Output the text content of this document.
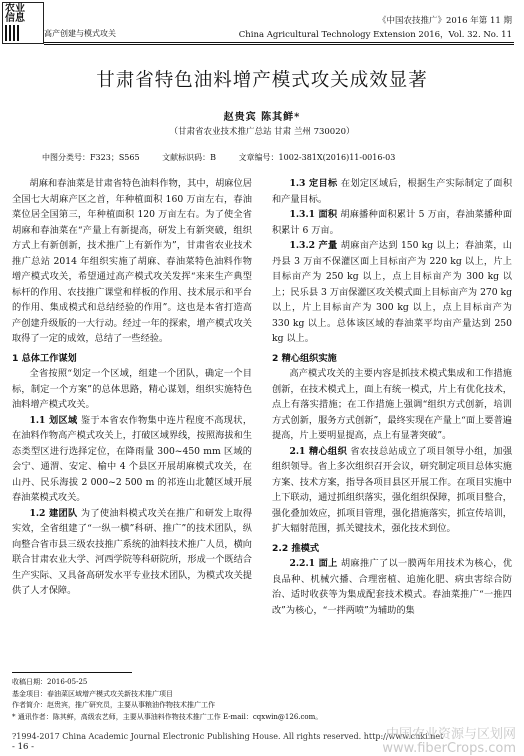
农业
信息
高产创建与模式攻关
《中国农技推广》2016 年第 11 期
China Agricultural Technology Extension 2016，Vol. 32. No. 11
甘肃省特色油料增产模式攻关成效显著
赵贵宾 陈其鲜*
（甘肃省农业技术推广总站 甘肃 兰州 730020）
中图分类号：F323；S565	文献标识码：B	文章编号：1002-381X(2016)11-0016-03

胡麻和春油菜是甘肃省特色油料作物，其中，胡麻位居全国七大胡麻产区之首，年种植面积 160 万亩左右，春油菜位居全国第三，年种植面积 120 万亩左右。为了使全省胡麻和春油菜在“产量上有新提高，研发上有新突破，组织方式上有新创新，技术推广上有新作为”，甘肃省农业技术推广总站 2014 年组织实施了胡麻、春油菜特色油料作物增产模式攻关，希望通过高产模式攻关发挥“来来生产典型标杆的作用、农技推广课堂和样板的作用、技术展示和平台的作用、集成模式和总结经验的作用”。这也是本省打造高产创建升级版的一大行动。经过一年的探索，增产模式攻关取得了一定的成效，总结了一些经验。

1 总体工作谋划

全省按照“划定一个区域，组建一个团队，确定一个目标，制定一个方案”的总体思路，精心谋划，组织实施特色油料增产模式攻关。

1.1 划区域 鉴于本省农作物集中连片程度不高现状，在油料作物高产模式攻关上，打破区域界线，按照海拔和生态类型区进行选择定位，在降雨量 300~450 mm 区域的会宁、通渭、安定、榆中 4 个县区开展胡麻模式攻关，在山丹、民乐海拔 2 000~2 500 m 的祁连山北麓区域开展春油菜模式攻关。

1.2 建团队 为了使油料模式攻关在推广和研发上取得实效，全省组建了“一纵一横”科研、推广”的技术团队，纵向整合省市县三级农技推广系统的油料技术推广人员，横向联合甘肃农业大学、河西学院等科研院所，形成一个既结合生产实际、又具备高研发水平专业技术团队，为模式攻关提供了人才保障。

1.3 定目标 在划定区域后，根据生产实际制定了面积和产量目标。

1.3.1 面积 胡麻播种面积累计 5 万亩，春油菜播种面积累计 6 万亩。

1.3.2 产量 胡麻亩产达到 150 kg 以上；春油菜，山丹县 3 万亩不保灌区面上目标亩产为 220 kg 以上，片上目标亩产为 250 kg 以上，点上目标亩产为 300 kg 以上；民乐县 3 万亩保灌区攻关模式面上目标亩产为 270 kg 以上，片上目标亩产为 300 kg 以上，点上目标亩产为 330 kg 以上。总体该区域的春油菜平均亩产量达到 250 kg 以上。

2 精心组织实施

高产模式攻关的主要内容是抓技术模式集成和工作措施创新，在技术模式上，面上有统一模式，片上有优化技术，点上有落实措施；在工作措施上强调“组织方式创新，培训方式创新，服务方式创新”，最终实现在产量上“面上要普遍提高，片上要明显提高，点上有显著突破”。

2.1 精心组织 省农技总站成立了项目领导小组，加强组织领导。省上多次组织召开会议，研究制定项目总体实施方案、技术方案，指导各项目县区开展工作。在项目实施中上下联动，通过抓组织落实，强化组织保障，抓项目整合，强化叠加效应，抓项目管理，强化措施落实，抓宣传培训，扩大辐射范围，抓关键技术，强化技术到位。

2.2 推模式

2.2.1 面上 胡麻推广了以一膜两年用技术为核心，优良品种、机械穴播、合理密植、追施化肥、病虫害综合防治、适时收获等为集成配套技术模式。春油菜推广“一推四改”为核心，“一拌两喷”为辅助的集

收稿日期：2016-05-25

基金项目：春油菜区域增产模式攻关新技术推广项目

作者简介：赵贵宾，推广研究员，主要从事粮油作物技术推广工作

* 通讯作者：陈其鲜，高级农艺师，主要从事油料作物技术推广工作 E-mail：cqxwin@126.com。

?1994-2017 China Academic Journal Electronic Publishing House. All rights reserved. http://www.cnki.net
- 16 -
中国农业资源与区划网
www.fiberCrops.com
